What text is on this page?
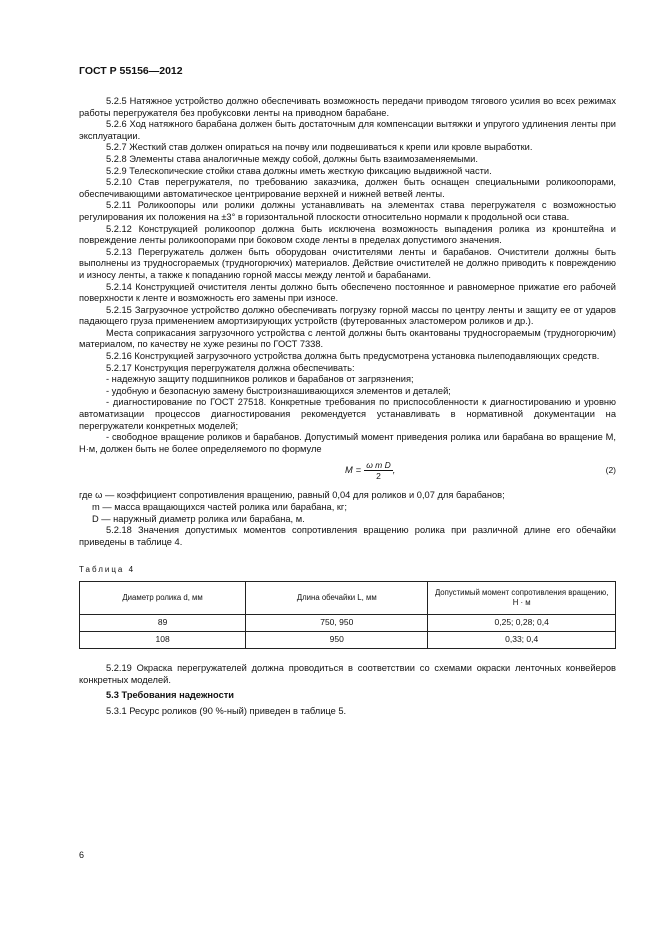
ГОСТ Р 55156—2012

5.2.5 Натяжное устройство должно обеспечивать возможность передачи приводом тягового усилия во всех режимах работы перегружателя без пробуксовки ленты на приводном барабане.

5.2.6 Ход натяжного барабана должен быть достаточным для компенсации вытяжки и упругого удлинения ленты при эксплуатации.

5.2.7 Жесткий став должен опираться на почву или подвешиваться к крепи или кровле выработки.

5.2.8 Элементы става аналогичные между собой, должны быть взаимозаменяемыми.

5.2.9 Телескопические стойки става должны иметь жесткую фиксацию выдвижной части.

5.2.10 Став перегружателя, по требованию заказчика, должен быть оснащен специальными роликоопорами, обеспечивающими автоматическое центрирование верхней и нижней ветвей ленты.

5.2.11 Роликоопоры или ролики должны устанавливать на элементах става перегружателя с возможностью регулирования их положения на ±3° в горизонтальной плоскости относительно нормали к продольной оси става.

5.2.12 Конструкцией роликоопор должна быть исключена возможность выпадения ролика из кронштейна и повреждение ленты роликоопорами при боковом сходе ленты в пределах допустимого значения.

5.2.13 Перегружатель должен быть оборудован очистителями ленты и барабанов. Очистители должны быть выполнены из трудносгораемых (трудногорючих) материалов. Действие очистителей не должно приводить к повреждению и износу ленты, а также к попаданию горной массы между лентой и барабанами.

5.2.14 Конструкцией очистителя ленты должно быть обеспечено постоянное и равномерное прижатие его рабочей поверхности к ленте и возможность его замены при износе.

5.2.15 Загрузочное устройство должно обеспечивать погрузку горной массы по центру ленты и защиту ее от ударов падающего груза применением амортизирующих устройств (футерованных эластомером роликов и др.).

Места соприкасания загрузочного устройства с лентой должны быть окантованы трудносгораемым (трудногорючим) материалом, по качеству не хуже резины по ГОСТ 7338.

5.2.16 Конструкцией загрузочного устройства должна быть предусмотрена установка пылеподавляющих средств.

5.2.17 Конструкция перегружателя должна обеспечивать:

- надежную защиту подшипников роликов и барабанов от загрязнения;

- удобную и безопасную замену быстроизнашивающихся элементов и деталей;

- диагностирование по ГОСТ 27518. Конкретные требования по приспособленности к диагностированию и уровню автоматизации процессов диагностирования рекомендуется устанавливать в нормативной документации на перегружатели конкретных моделей;

- свободное вращение роликов и барабанов. Допустимый момент приведения ролика или барабана во вращение M, Н·м, должен быть не более определяемого по формуле

$M = \frac{\text{ω m D}}{2}$ ,	(2)

где ω — коэффициент сопротивления вращению, равный 0,04 для роликов и 0,07 для барабанов;

m — масса вращающихся частей ролика или барабана, кг;
D — наружный диаметр ролика или барабана, м.

5.2.18 Значения допустимых моментов сопротивления вращению ролика при различной длине его обечайки приведены в таблице 4.

Таблица 4
Диаметр ролика d, мм	Длина обечайки L, мм	Допустимый момент сопротивления вращению, Н · м
89	750, 950	0,25; 0,28; 0,4
108	950	0,33; 0,4

5.2.19 Окраска перегружателей должна проводиться в соответствии со схемами окраски ленточных конвейеров конкретных моделей.

5.3 Требования надежности

5.3.1 Ресурс роликов (90 %-ный) приведен в таблице 5.

6
